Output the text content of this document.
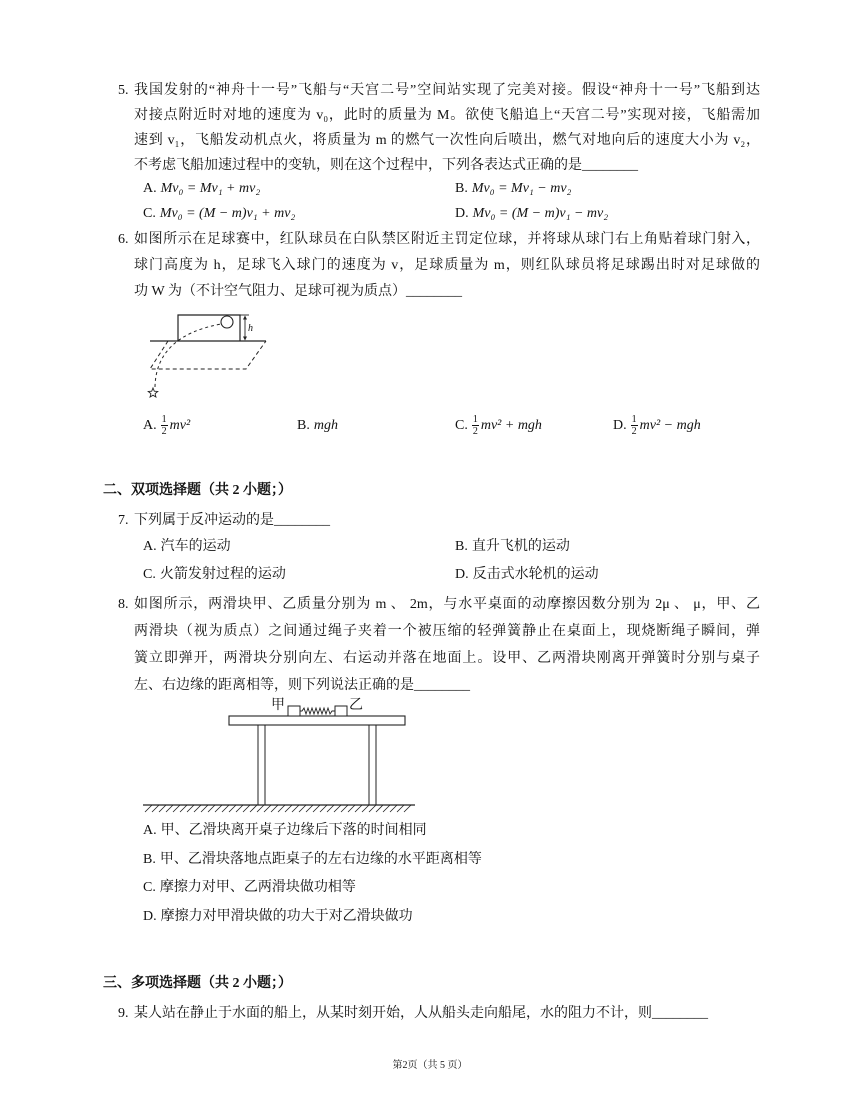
5. 我国发射的“神舟十一号”飞船与“天宫二号”空间站实现了完美对接。假设“神舟十一号”飞船到达
对接点附近时对地的速度为 v₀，此时的质量为 M。欲使飞船追上“天宫二号”实现对接，飞船需加
速到 v₁，飞船发动机点火，将质量为 m 的燃气一次性向后喷出，燃气对地向后的速度大小为 v₂，
不考虑飞船加速过程中的变轨，则在这个过程中，下列各表达式正确的是________
A. Mv₀ = Mv₁ + mv₂	B. Mv₀ = Mv₁ − mv₂
C. Mv₀ = (M − m)v₁ + mv₂	D. Mv₀ = (M − m)v₁ − mv₂
6. 如图所示在足球赛中，红队球员在白队禁区附近主罚定位球，并将球从球门右上角贴着球门射入，
球门高度为 h，足球飞入球门的速度为 v，足球质量为 m，则红队球员将足球踢出时对足球做的
功 W 为（不计空气阻力、足球可视为质点）________
h
A. $\frac{1}{2} mv^2$	B. mgh	C. $\frac{1}{2} mv^2$ + mgh	D. $\frac{1}{2} mv^2$ − mgh
二、双项选择题（共 2 小题；）
7. 下列属于反冲运动的是________
A. 汽车的运动	B. 直升飞机的运动
C. 火箭发射过程的运动	D. 反击式水轮机的运动
8. 如图所示，两滑块甲、乙质量分别为 m 、 2m，与水平桌面的动摩擦因数分别为 2μ 、 μ，甲、乙
两滑块（视为质点）之间通过绳子夹着一个被压缩的轻弹簧静止在桌面上，现烧断绳子瞬间，弹
簧立即弹开，两滑块分别向左、右运动并落在地面上。设甲、乙两滑块刚离开弹簧时分别与桌子
左、右边缘的距离相等，则下列说法正确的是________
甲	乙
A. 甲、乙滑块离开桌子边缘后下落的时间相同
B. 甲、乙滑块落地点距桌子的左右边缘的水平距离相等
C. 摩擦力对甲、乙两滑块做功相等
D. 摩擦力对甲滑块做的功大于对乙滑块做功
三、多项选择题（共 2 小题；）
9. 某人站在静止于水面的船上，从某时刻开始，人从船头走向船尾，水的阻力不计，则________
第2页（共 5 页）
